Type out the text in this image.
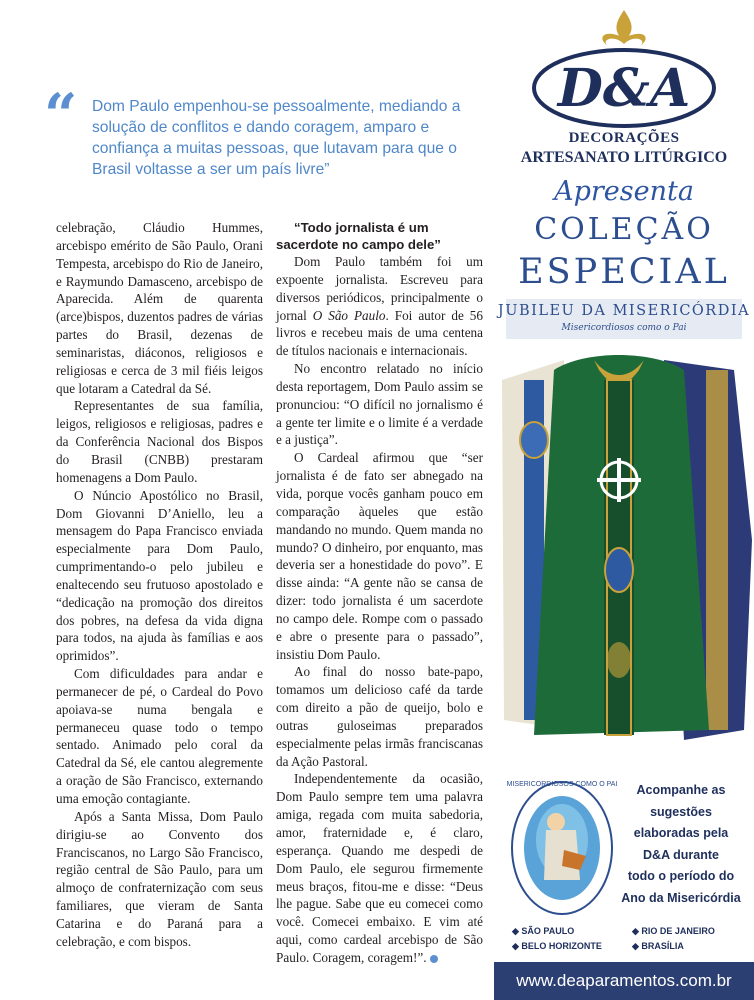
“ Dom Paulo empenhou-se pessoalmente, mediando a solução de conflitos e dando coragem, amparo e confiança a muitas pessoas, que lutavam para que o Brasil voltasse a ser um país livre”

celebração, Cláudio Hummes, arcebispo emérito de São Paulo, Orani Tempesta, arcebispo do Rio de Janeiro, e Raymundo Damasceno, arcebispo de Aparecida. Além de quarenta (arce)bispos, duzentos padres de várias partes do Brasil, dezenas de seminaristas, diáconos, religiosos e religiosas e cerca de 3 mil fiéis leigos que lotaram a Catedral da Sé.

Representantes de sua família, leigos, religiosos e religiosas, padres e da Conferência Nacional dos Bispos do Brasil (CNBB) prestaram homenagens a Dom Paulo.

O Núncio Apostólico no Brasil, Dom Giovanni D’Aniello, leu a mensagem do Papa Francisco enviada especialmente para Dom Paulo, cumprimentando-o pelo jubileu e enaltecendo seu frutuoso apostolado e “dedicação na promoção dos direitos dos pobres, na defesa da vida digna para todos, na ajuda às famílias e aos oprimidos”.

Com dificuldades para andar e permanecer de pé, o Cardeal do Povo apoiava-se numa bengala e permaneceu quase todo o tempo sentado. Animado pelo coral da Catedral da Sé, ele cantou alegremente a oração de São Francisco, externando uma emoção contagiante.

Após a Santa Missa, Dom Paulo dirigiu-se ao Convento dos Franciscanos, no Largo São Francisco, região central de São Paulo, para um almoço de confraternização com seus familiares, que vieram de Santa Catarina e do Paraná para a celebração, e com bispos.

“Todo jornalista é um sacerdote no campo dele”

Dom Paulo também foi um expoente jornalista. Escreveu para diversos periódicos, principalmente o jornal O São Paulo. Foi autor de 56 livros e recebeu mais de uma centena de títulos nacionais e internacionais.

No encontro relatado no início desta reportagem, Dom Paulo assim se pronunciou: “O difícil no jornalismo é a gente ter limite e o limite é a verdade e a justiça”.

O Cardeal afirmou que “ser jornalista é de fato ser abnegado na vida, porque vocês ganham pouco em comparação àqueles que estão mandando no mundo. Quem manda no mundo? O dinheiro, por enquanto, mas deveria ser a honestidade do povo”. E disse ainda: “A gente não se cansa de dizer: todo jornalista é um sacerdote no campo dele. Rompe com o passado e abre o presente para o passado”, insistiu Dom Paulo.

Ao final do nosso bate-papo, tomamos um delicioso café da tarde com direito a pão de queijo, bolo e outras guloseimas preparados especialmente pelas irmãs franciscanas da Ação Pastoral.

Independentemente da ocasião, Dom Paulo sempre tem uma palavra amiga, regada com muita sabedoria, amor, fraternidade e, é claro, esperança. Quando me despedi de Dom Paulo, ele segurou firmemente meus braços, fitou-me e disse: “Deus lhe pague. Sabe que eu comecei como você. Comecei embaixo. E vim até aqui, como cardeal arcebispo de São Paulo. Coragem, coragem!”.

D&A
DECORAÇÕES
ARTESANATO LITÚRGICO
Apresenta
COLEÇÃO
ESPECIAL
JUBILEU DA MISERICÓRDIA
Misericordiosos como o Pai
MISERICORDIOSOS COMO O PAI	Acompanhe as
sugestões
elaboradas pela
D&A durante
todo o período do
Ano da Misericórdia
◆ SÃO PAULO	◆ RIO DE JANEIRO
◆ BELO HORIZONTE	◆ BRASÍLIA
www.deaparamentos.com.br
